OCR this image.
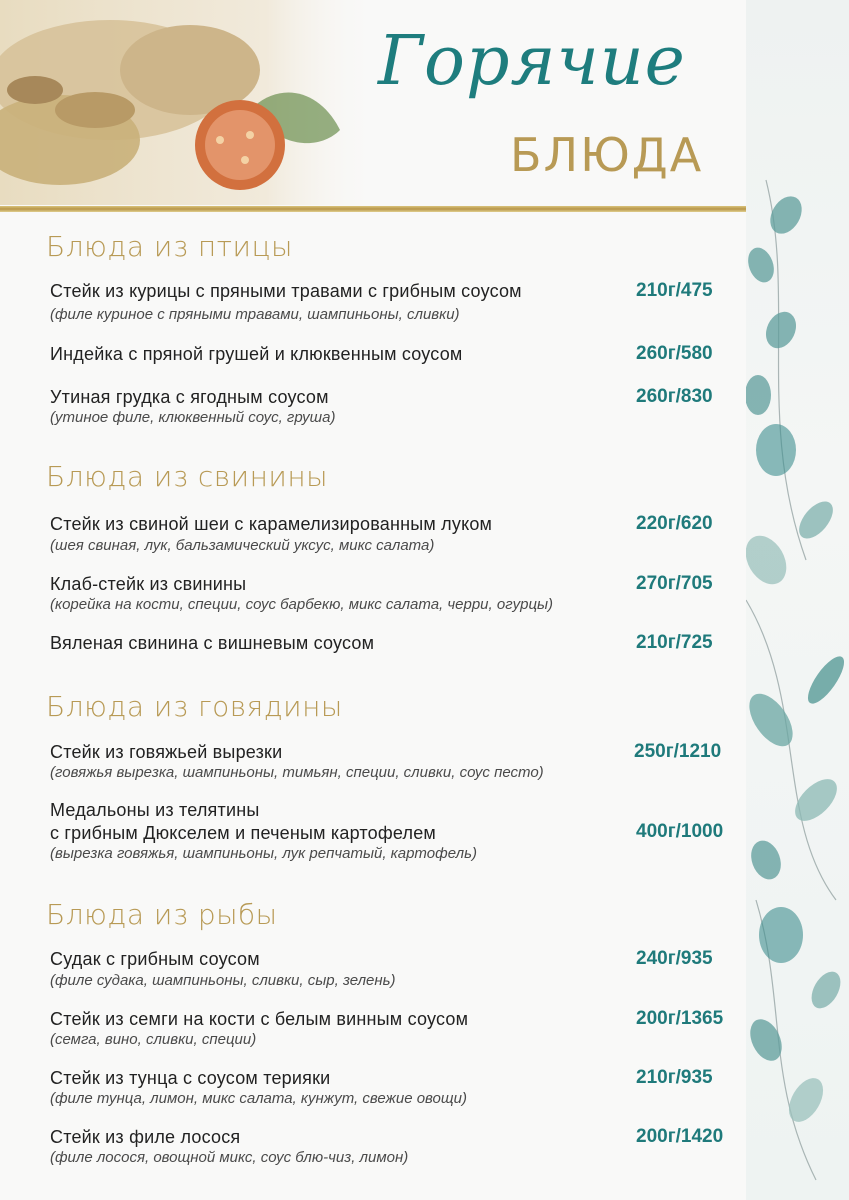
Горячие
БЛЮДА
Блюда из птицы
Стейк из курицы с пряными травами с грибным соусом	210г/475
(филе куриное с пряными травами, шампиньоны, сливки)
Индейка с пряной грушей и клюквенным соусом	260г/580
Утиная грудка с ягодным соусом	260г/830
(утиное филе, клюквенный соус, груша)
Блюда из свинины
Стейк из свиной шеи с карамелизированным луком	220г/620
(шея свиная, лук, бальзамический уксус, микс салата)
Клаб-стейк из свинины	270г/705
(корейка на кости, специи, соус барбекю, микс салата, черри, огурцы)
Вяленая свинина с вишневым соусом	210г/725
Блюда из говядины
Стейк из говяжьей вырезки	250г/1210
(говяжья вырезка, шампиньоны, тимьян, специи, сливки, соус песто)
Медальоны из телятины
с грибным Дюкселем и печеным картофелем	400г/1000
(вырезка говяжья, шампиньоны, лук репчатый, картофель)
Блюда из рыбы
Судак с грибным соусом	240г/935
(филе судака, шампиньоны, сливки, сыр, зелень)
Стейк из семги на кости с белым винным соусом	200г/1365
(семга, вино, сливки, специи)
Стейк из тунца с соусом терияки	210г/935
(филе тунца, лимон, микс салата, кунжут, свежие овощи)
Стейк из филе лосося	200г/1420
(филе лосося, овощной микс, соус блю-чиз, лимон)
